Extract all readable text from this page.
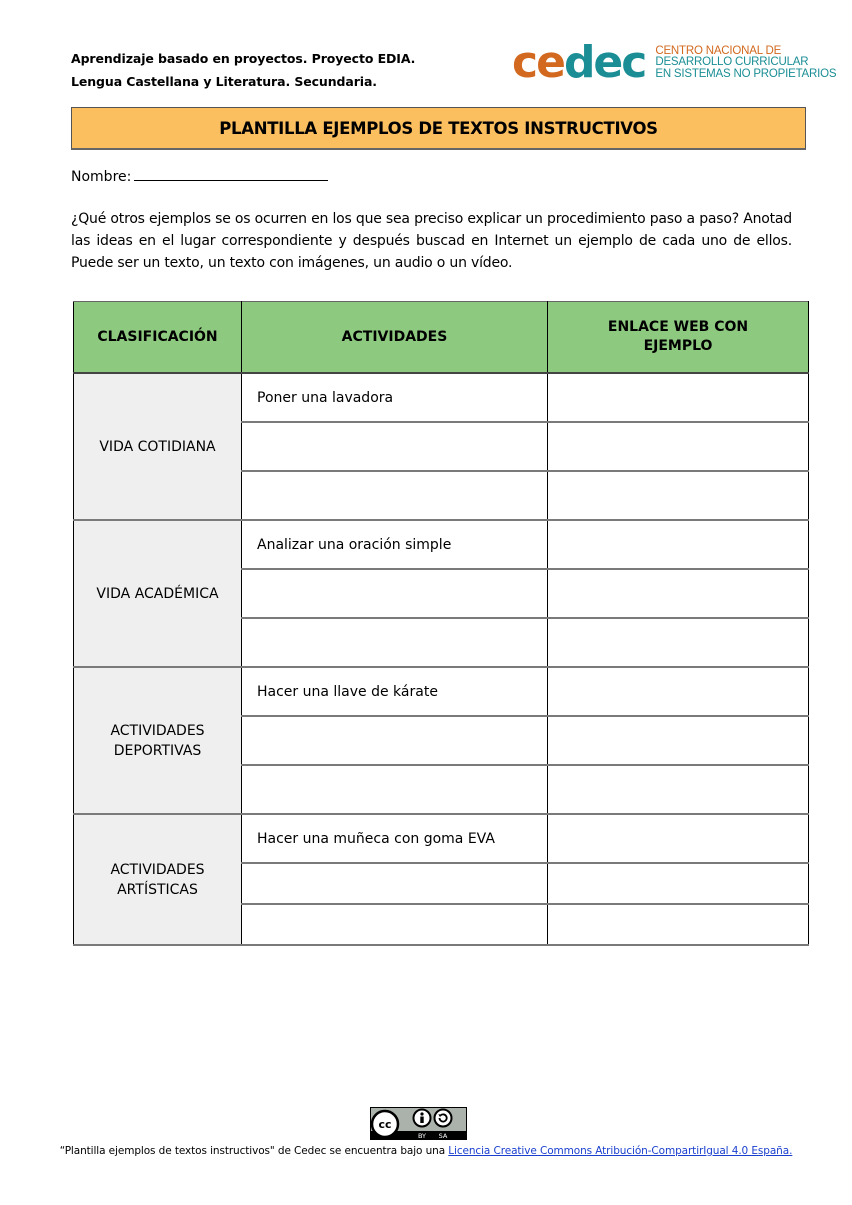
Aprendizaje basado en proyectos. Proyecto EDIA.
Lengua Castellana y Literatura. Secundaria.	cedec CENTRO NACIONAL DE
DESARROLLO CURRICULAR
EN SISTEMAS NO PROPIETARIOS
PLANTILLA EJEMPLOS DE TEXTOS INSTRUCTIVOS
Nombre:
¿Qué otros ejemplos se os ocurren en los que sea preciso explicar un procedimiento paso a paso? Anotad las ideas en el lugar correspondiente y después buscad en Internet un ejemplo de cada uno de ellos. Puede ser un texto, un texto con imágenes, un audio o un vídeo.
CLASIFICACIÓN	ACTIVIDADES	ENLACE WEB CON EJEMPLO
VIDA COTIDIANA	Poner una lavadora	

VIDA ACADÉMICA	Analizar una oración simple	

ACTIVIDADES
DEPORTIVAS	Hacer una llave de kárate	

ACTIVIDADES
ARTÍSTICAS	Hacer una muñeca con goma EVA	

cc
BY SA
“Plantilla ejemplos de textos instructivos" de Cedec se encuentra bajo una Licencia Creative Commons Atribución-CompartirIgual 4.0 España.
